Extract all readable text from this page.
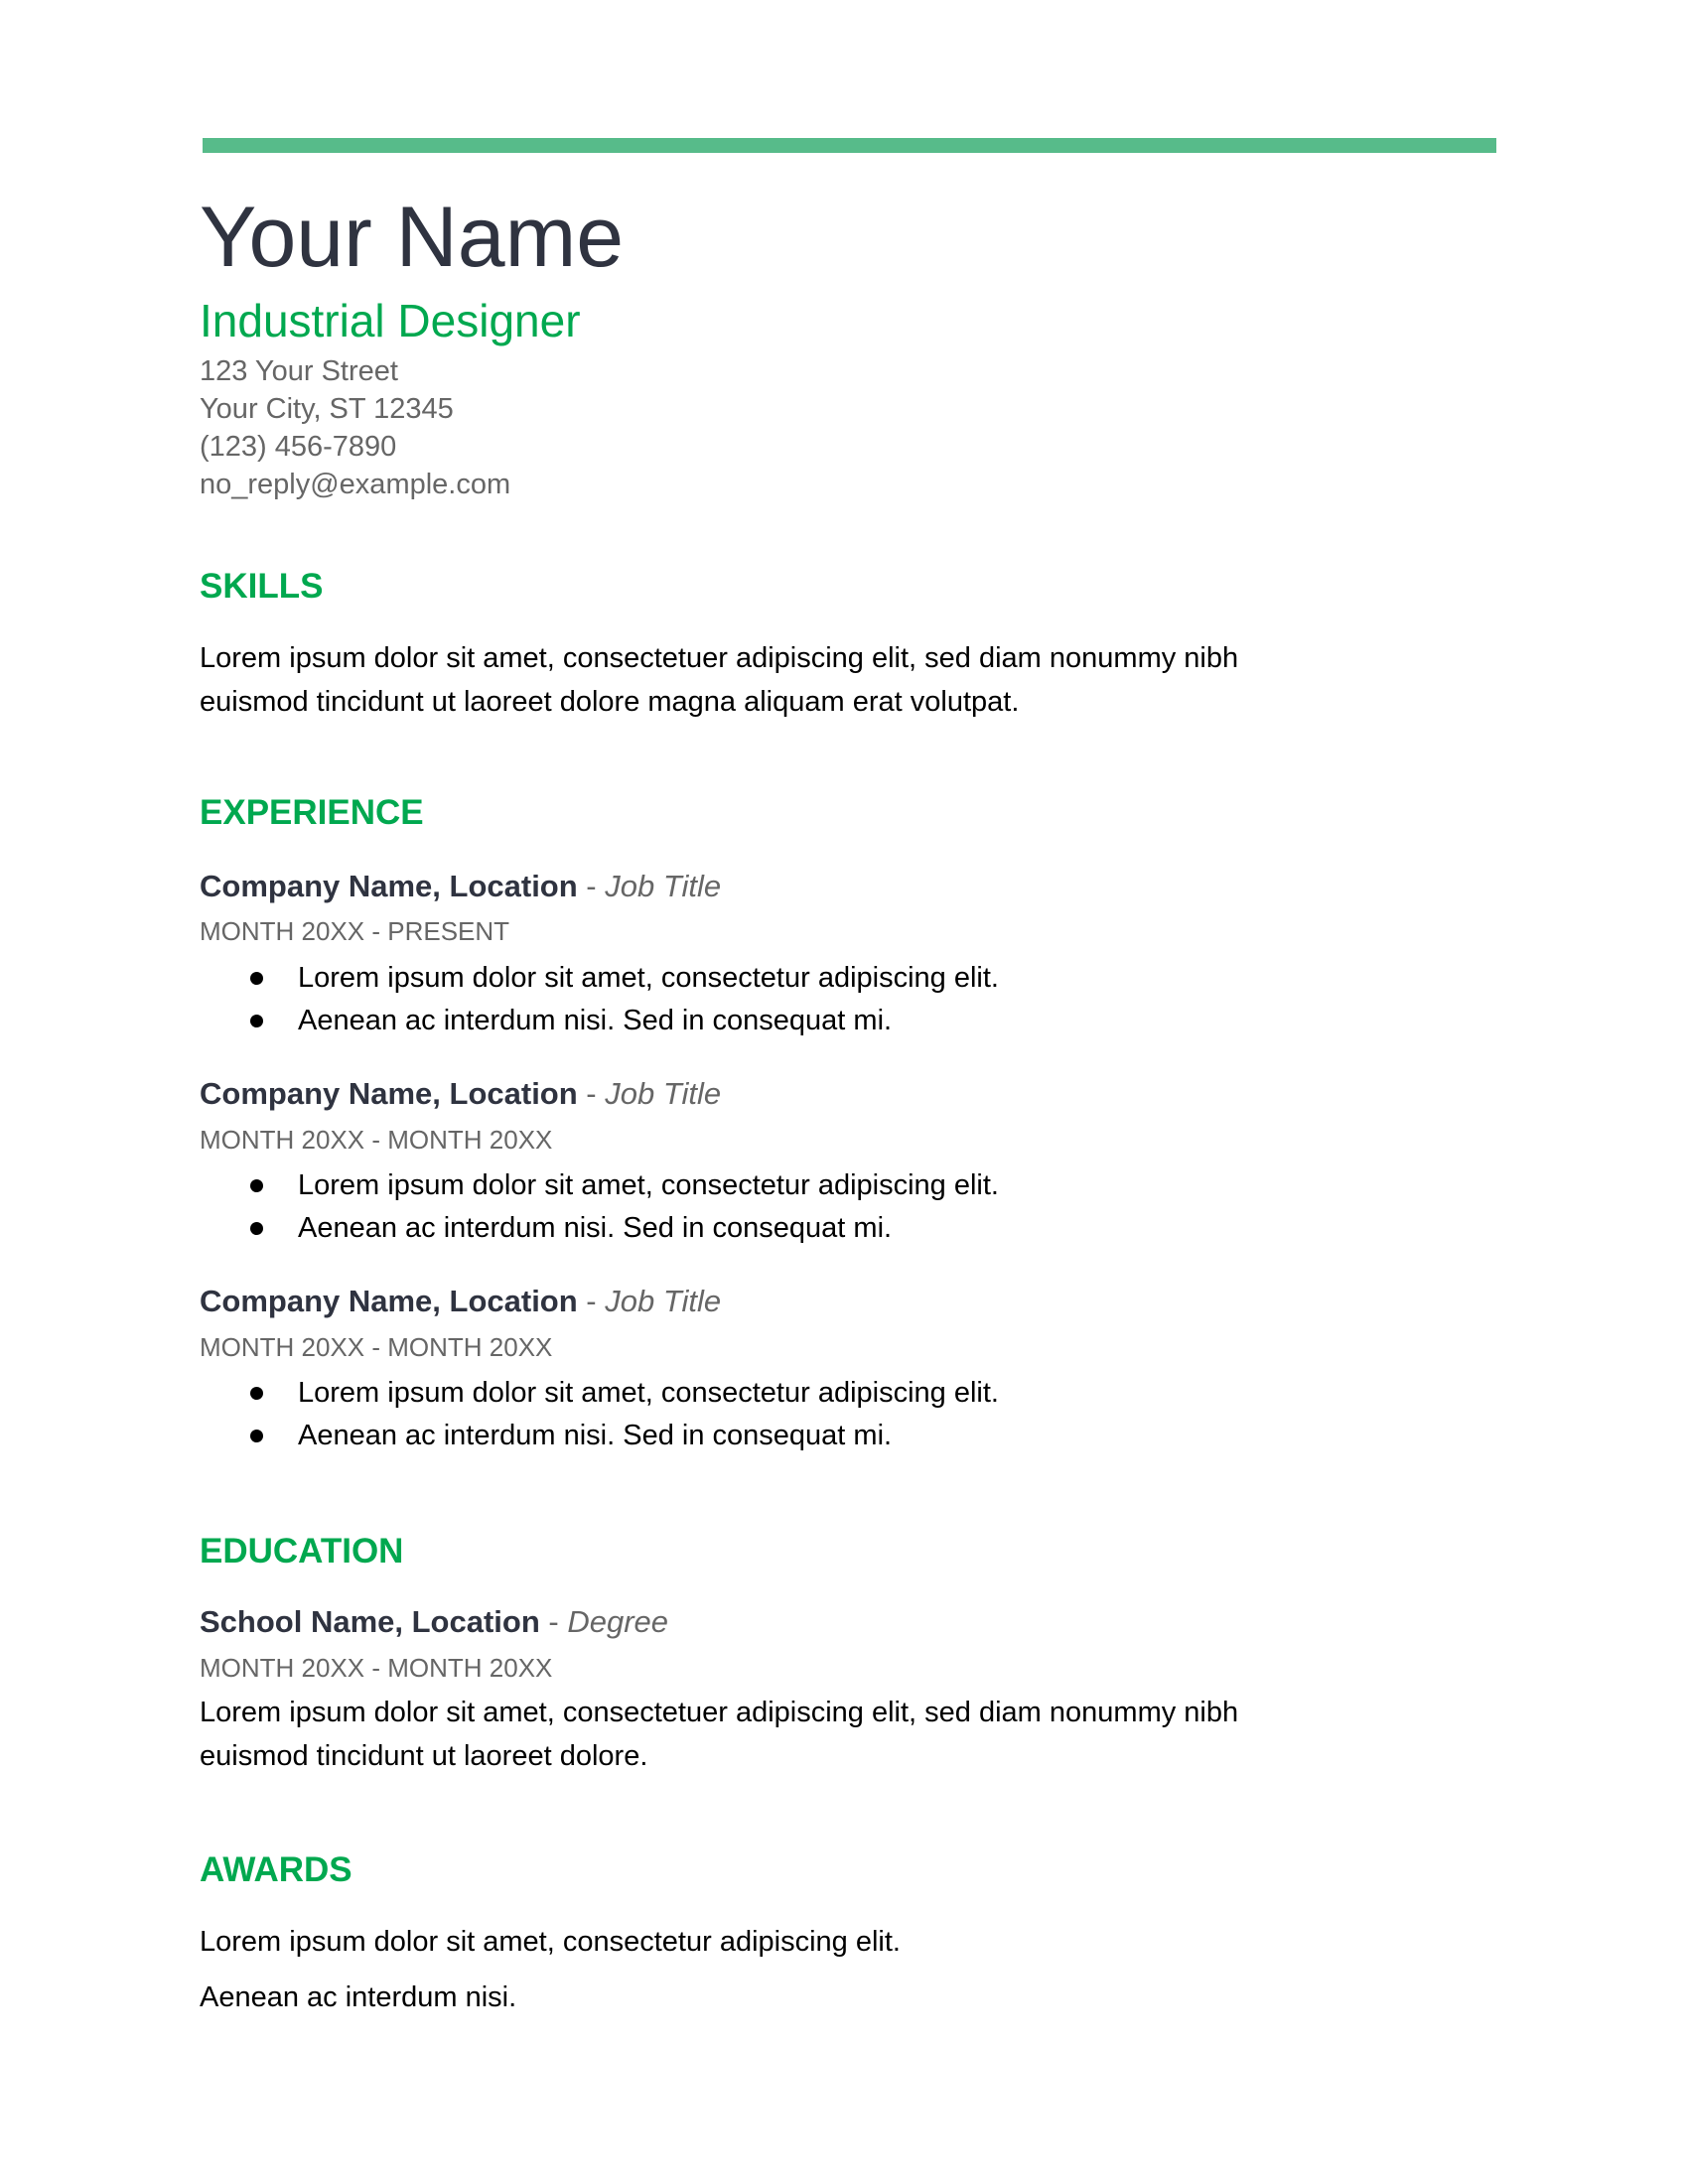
Your Name
Industrial Designer
123 Your Street
Your City, ST 12345
(123) 456-7890
no_reply@example.com
SKILLS

Lorem ipsum dolor sit amet, consectetuer adipiscing elit, sed diam nonummy nibh euismod tincidunt ut laoreet dolore magna aliquam erat volutpat.

EXPERIENCE

Company Name, Location - Job Title

MONTH 20XX - PRESENT

Lorem ipsum dolor sit amet, consectetur adipiscing elit.
Aenean ac interdum nisi. Sed in consequat mi.

Company Name, Location - Job Title

MONTH 20XX - MONTH 20XX

Lorem ipsum dolor sit amet, consectetur adipiscing elit.
Aenean ac interdum nisi. Sed in consequat mi.

Company Name, Location - Job Title

MONTH 20XX - MONTH 20XX

Lorem ipsum dolor sit amet, consectetur adipiscing elit.
Aenean ac interdum nisi. Sed in consequat mi.
EDUCATION

School Name, Location - Degree

MONTH 20XX - MONTH 20XX

Lorem ipsum dolor sit amet, consectetuer adipiscing elit, sed diam nonummy nibh euismod tincidunt ut laoreet dolore.

AWARDS

Lorem ipsum dolor sit amet, consectetur adipiscing elit.

Aenean ac interdum nisi.
